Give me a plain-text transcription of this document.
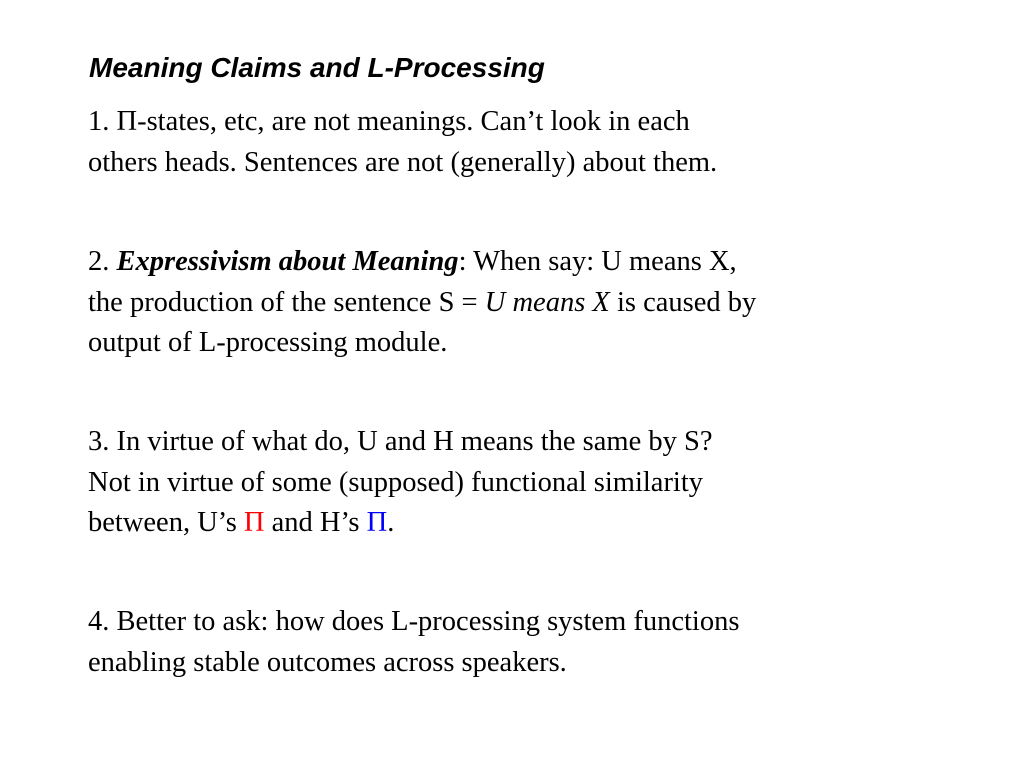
Meaning Claims and L-Processing
1. Π-states, etc, are not meanings. Can’t look in each
others heads. Sentences are not (generally) about them.
2. Expressivism about Meaning: When say: U means X,
the production of the sentence S = U means X is caused by
output of L-processing module.
3. In virtue of what do, U and H means the same by S?
Not in virtue of some (supposed) functional similarity
between, U’s Π and H’s Π.
4. Better to ask: how does L-processing system functions
enabling stable outcomes across speakers.
